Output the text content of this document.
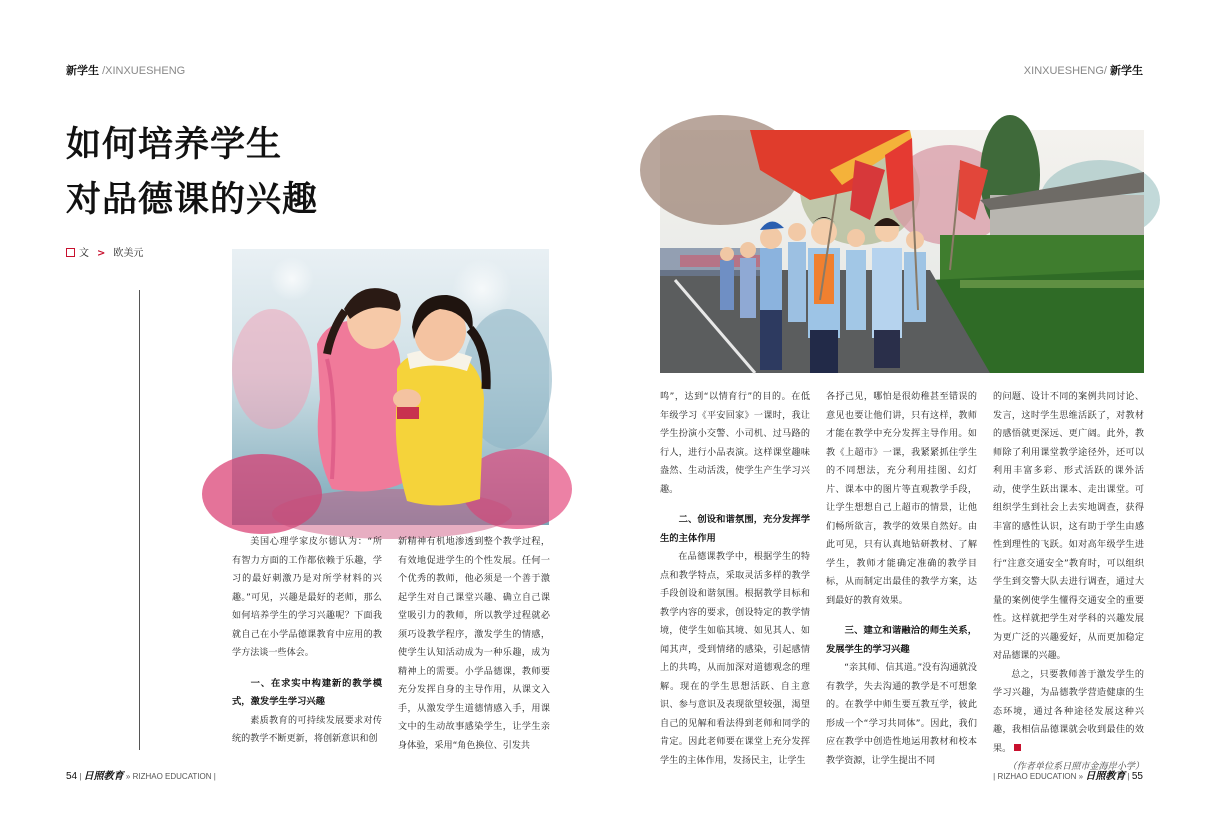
新学生 /XINXUESHENG	XINXUESHENG/ 新学生
如何培养学生
对品德课的兴趣
文 > 欧美元

美国心理学家皮尔德认为：“所有智力方面的工作都依赖于乐趣，学习的最好刺激乃是对所学材料的兴趣。”可见，兴趣是最好的老师，那么如何培养学生的学习兴趣呢？下面我就自己在小学品德课教育中应用的教学方法谈一些体会。

一、在求实中构建新的教学模式，激发学生学习兴趣

素质教育的可持续发展要求对传统的教学不断更新，将创新意识和创

新精神有机地渗透到整个教学过程，有效地促进学生的个性发展。任何一个优秀的教师，他必须是一个善于激起学生对自己课堂兴趣、确立自己课堂吸引力的教师，所以教学过程就必须巧设教学程序，激发学生的情感，使学生认知活动成为一种乐趣，成为精神上的需要。小学品德课，教师要充分发挥自身的主导作用，从课文入手，从激发学生道德情感入手，用课文中的生动故事感染学生，让学生亲身体验，采用“角色换位、引发共

鸣”，达到“以情育行”的目的。在低年级学习《平安回家》一课时，我让学生扮演小交警、小司机、过马路的行人，进行小品表演。这样课堂趣味盎然、生动活泼，使学生产生学习兴趣。

二、创设和谐氛围，充分发挥学生的主体作用

在品德课教学中，根据学生的特点和教学特点，采取灵活多样的教学手段创设和谐氛围。根据教学目标和教学内容的要求，创设特定的教学情境，使学生如临其境、如见其人、如闻其声，受到情绪的感染，引起感情上的共鸣，从而加深对道德观念的理解。现在的学生思想活跃、自主意识、参与意识及表现欲望较强，渴望自己的见解和看法得到老师和同学的肯定。因此老师要在课堂上充分发挥学生的主体作用，发扬民主，让学生

各抒己见，哪怕是很幼稚甚至错误的意见也要让他们讲，只有这样，教师才能在教学中充分发挥主导作用。如教《上超市》一课，我紧紧抓住学生的不同想法，充分利用挂图、幻灯片、课本中的图片等直观教学手段，让学生想想自己上超市的情景，让他们畅所欲言，教学的效果自然好。由此可见，只有认真地钻研教材、了解学生，教师才能确定准确的教学目标，从而制定出最佳的教学方案，达到最好的教育效果。

三、建立和谐融洽的师生关系，发展学生的学习兴趣

“亲其师、信其道。”没有沟通就没有教学，失去沟通的教学是不可想象的。在教学中师生要互教互学，彼此形成一个“学习共同体”。因此，我们应在教学中创造性地运用教材和校本教学资源，让学生提出不同

的问题、设计不同的案例共同讨论、发言，这时学生思维活跃了，对教材的感悟就更深远、更广阔。此外，教师除了利用课堂教学途径外，还可以利用丰富多彩、形式活跃的课外活动，使学生跃出课本、走出课堂。可组织学生到社会上去实地调查，获得丰富的感性认识，这有助于学生由感性到理性的飞跃。如对高年级学生进行“注意交通安全”教育时，可以组织学生到交警大队去进行调查，通过大量的案例使学生懂得交通安全的重要性。这样就把学生对学科的兴趣发展为更广泛的兴趣爱好，从而更加稳定对品德课的兴趣。

总之，只要教师善于激发学生的学习兴趣，为品德教学营造健康的生态环境，通过各种途径发展这种兴趣，我相信品德课就会收到最佳的效果。

（作者单位系日照市金海岸小学）

54 | 日照教育 » RIZHAO EDUCATION |	| RIZHAO EDUCATION » 日照教育 | 55
